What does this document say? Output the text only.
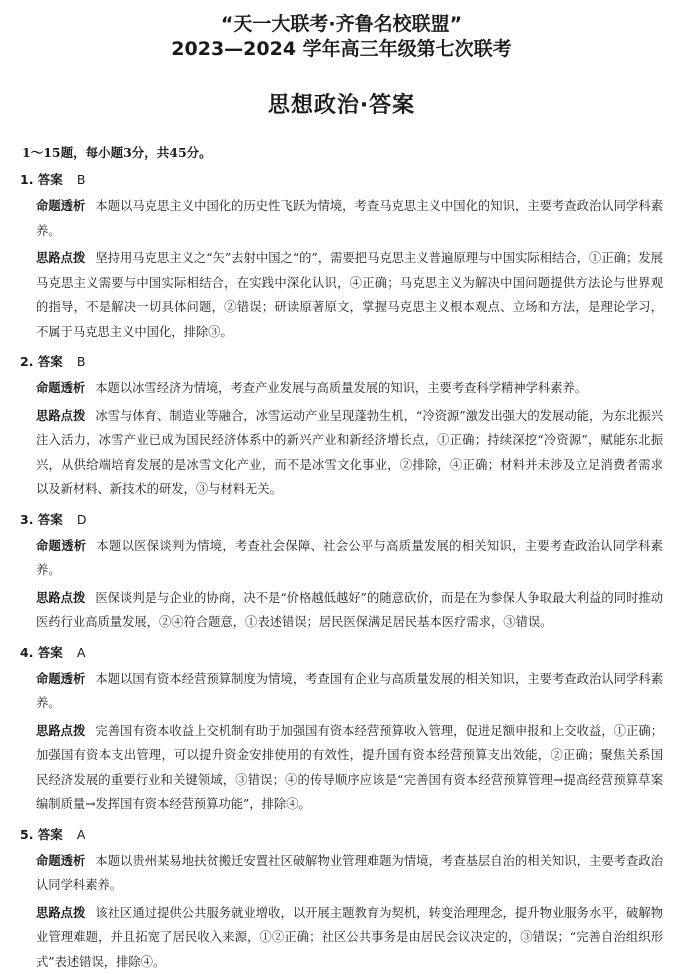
“天一大联考·齐鲁名校联盟”

2023—2024 学年高三年级第七次联考

思想政治·答案

1～15题，每小题3分，共45分。

1. 答案 B

命题透析 本题以马克思主义中国化的历史性飞跃为情境，考查马克思主义中国化的知识，主要考查政治认同学科素养。

思路点拨 坚持用马克思主义之“矢”去射中国之“的”，需要把马克思主义普遍原理与中国实际相结合，①正确；发展马克思主义需要与中国实际相结合，在实践中深化认识，④正确；马克思主义为解决中国问题提供方法论与世界观的指导，不是解决一切具体问题，②错误；研读原著原文，掌握马克思主义根本观点、立场和方法，是理论学习，不属于马克思主义中国化，排除③。

2. 答案 B

命题透析 本题以冰雪经济为情境，考查产业发展与高质量发展的知识，主要考查科学精神学科素养。

思路点拨 冰雪与体育、制造业等融合，冰雪运动产业呈现蓬勃生机，“冷资源”激发出强大的发展动能，为东北振兴注入活力，冰雪产业已成为国民经济体系中的新兴产业和新经济增长点，①正确；持续深挖“冷资源”，赋能东北振兴，从供给端培育发展的是冰雪文化产业，而不是冰雪文化事业，②排除，④正确；材料并未涉及立足消费者需求以及新材料、新技术的研发，③与材料无关。

3. 答案 D

命题透析 本题以医保谈判为情境，考查社会保障、社会公平与高质量发展的相关知识，主要考查政治认同学科素养。

思路点拨 医保谈判是与企业的协商，决不是“价格越低越好”的随意砍价，而是在为参保人争取最大利益的同时推动医药行业高质量发展，②④符合题意，①表述错误；居民医保满足居民基本医疗需求，③错误。

4. 答案 A

命题透析 本题以国有资本经营预算制度为情境，考查国有企业与高质量发展的相关知识，主要考查政治认同学科素养。

思路点拨 完善国有资本收益上交机制有助于加强国有资本经营预算收入管理，促进足额申报和上交收益，①正确；加强国有资本支出管理，可以提升资金安排使用的有效性，提升国有资本经营预算支出效能，②正确；聚焦关系国民经济发展的重要行业和关键领域，③错误；④的传导顺序应该是“完善国有资本经营预算管理→提高经营预算草案编制质量→发挥国有资本经营预算功能”，排除④。

5. 答案 A

命题透析 本题以贵州某易地扶贫搬迁安置社区破解物业管理难题为情境，考查基层自治的相关知识，主要考查政治认同学科素养。

思路点拨 该社区通过提供公共服务就业增收，以开展主题教育为契机，转变治理理念，提升物业服务水平，破解物业管理难题，并且拓宽了居民收入来源，①②正确；社区公共事务是由居民会议决定的，③错误；“完善自治组织形式”表述错误，排除④。
